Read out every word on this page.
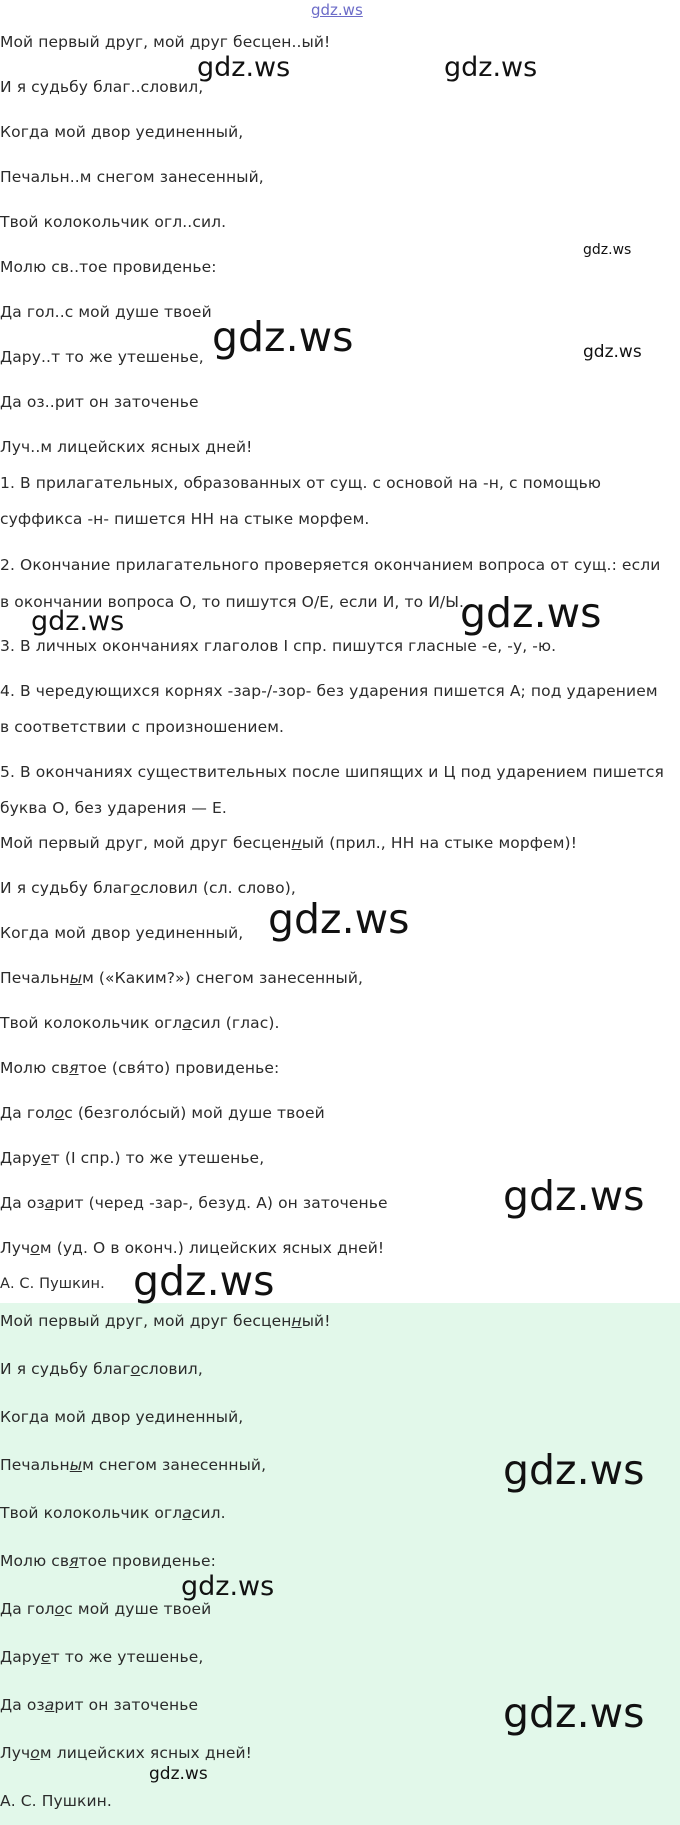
gdz.ws
gdz.ws	gdz.ws
gdz.ws
gdz.ws	gdz.ws
gdz.ws
gdz.ws
gdz.ws
gdz.ws
gdz.ws
gdz.ws
gdz.ws
gdz.ws
gdz.ws
Мой первый друг, мой друг бесцен..ый!
И я судьбу благ..словил,
Когда мой двор уединенный,
Печальн..м снегом занесенный,
Твой колокольчик огл..сил.
Молю св..тое провиденье:
Да гол..с мой душе твоей
Дару..т то же утешенье,
Да оз..рит он заточенье
Луч..м лицейских ясных дней!
1. В прилагательных, образованных от сущ. с основой на -н, с помощью
суффикса -н- пишется НН на стыке морфем.
2. Окончание прилагательного проверяется окончанием вопроса от сущ.: если
в окончании вопроса О, то пишутся О/Е, если И, то И/Ы.
3. В личных окончаниях глаголов I спр. пишутся гласные -е, -у, -ю.
4. В чередующихся корнях -зар-/-зор- без ударения пишется А; под ударением
в соответствии с произношением.
5. В окончаниях существительных после шипящих и Ц под ударением пишется
буква О, без ударения — Е.
Мой первый друг, мой друг бесценный (прил., НН на стыке морфем)!
И я судьбу благословил (сл. слово),
Когда мой двор уединенный,
Печальным («Каким?») снегом занесенный,
Твой колокольчик огласил (глас).
Молю святое (свя́то) провиденье:
Да голос (безголо́сый) мой душе твоей
Дарует (I спр.) то же утешенье,
Да озарит (черед -зар-, безуд. А) он заточенье
Лучом (уд. О в оконч.) лицейских ясных дней!
А. С. Пушкин.
Мой первый друг, мой друг бесценный!
И я судьбу благословил,
Когда мой двор уединенный,
Печальным снегом занесенный,
Твой колокольчик огласил.
Молю святое провиденье:
Да голос мой душе твоей
Дарует то же утешенье,
Да озарит он заточенье
Лучом лицейских ясных дней!
А. С. Пушкин.
